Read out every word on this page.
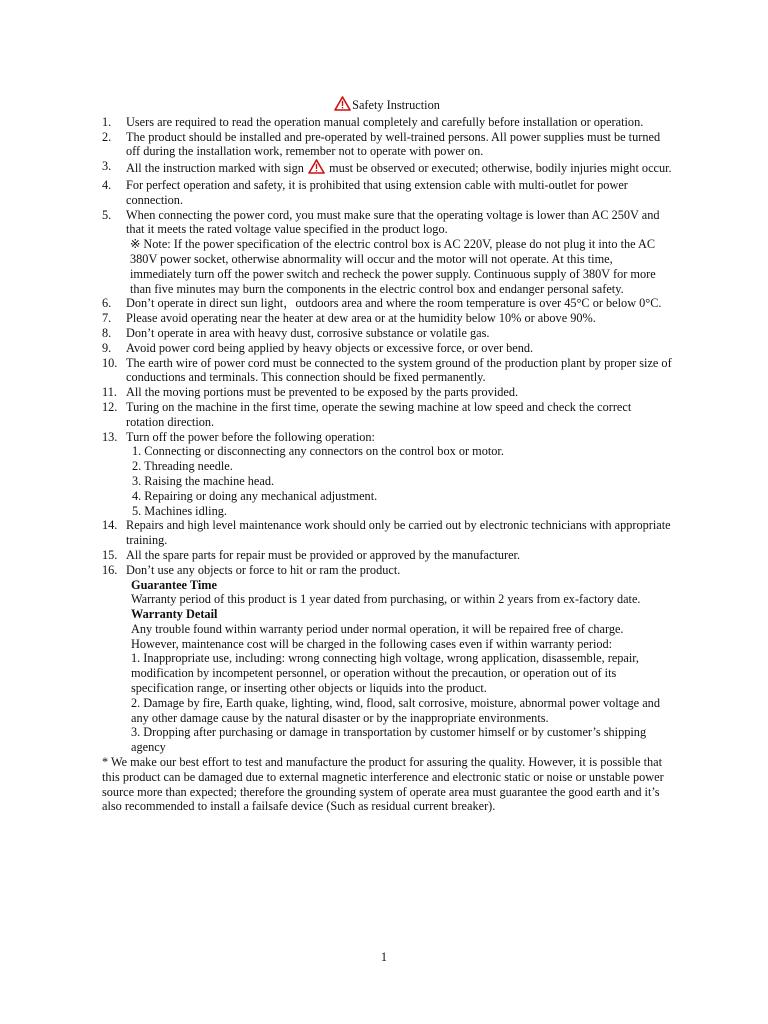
Safety Instruction
1. Users are required to read the operation manual completely and carefully before installation or operation.
2. The product should be installed and pre-operated by well-trained persons. All power supplies must be turned off during the installation work, remember not to operate with power on.
3. All the instruction marked with sign must be observed or executed; otherwise, bodily injuries might occur.
4. For perfect operation and safety, it is prohibited that using extension cable with multi-outlet for power connection.
5. When connecting the power cord, you must make sure that the operating voltage is lower than AC 250V and that it meets the rated voltage value specified in the product logo.
※ Note: If the power specification of the electric control box is AC 220V, please do not plug it into the AC 380V power socket, otherwise abnormality will occur and the motor will not operate. At this time, immediately turn off the power switch and recheck the power supply. Continuous supply of 380V for more than five minutes may burn the components in the electric control box and endanger personal safety.
6. Don’t operate in direct sun light，outdoors area and where the room temperature is over 45°C or below 0°C.
7. Please avoid operating near the heater at dew area or at the humidity below 10% or above 90%.
8. Don’t operate in area with heavy dust, corrosive substance or volatile gas.
9. Avoid power cord being applied by heavy objects or excessive force, or over bend.
10. The earth wire of power cord must be connected to the system ground of the production plant by proper size of conductions and terminals. This connection should be fixed permanently.
11. All the moving portions must be prevented to be exposed by the parts provided.
12. Turing on the machine in the first time, operate the sewing machine at low speed and check the correct rotation direction.
13. Turn off the power before the following operation:
1. Connecting or disconnecting any connectors on the control box or motor.
2. Threading needle.
3. Raising the machine head.
4. Repairing or doing any mechanical adjustment.
5. Machines idling.
14. Repairs and high level maintenance work should only be carried out by electronic technicians with appropriate training.
15. All the spare parts for repair must be provided or approved by the manufacturer.
16. Don’t use any objects or force to hit or ram the product.
Guarantee Time
Warranty period of this product is 1 year dated from purchasing, or within 2 years from ex-factory date.
Warranty Detail
Any trouble found within warranty period under normal operation, it will be repaired free of charge. However, maintenance cost will be charged in the following cases even if within warranty period:
1. Inappropriate use, including: wrong connecting high voltage, wrong application, disassemble, repair, modification by incompetent personnel, or operation without the precaution, or operation out of its specification range, or inserting other objects or liquids into the product.
2. Damage by fire, Earth quake, lighting, wind, flood, salt corrosive, moisture, abnormal power voltage and any other damage cause by the natural disaster or by the inappropriate environments.
3. Dropping after purchasing or damage in transportation by customer himself or by customer’s shipping agency
* We make our best effort to test and manufacture the product for assuring the quality. However, it is possible that this product can be damaged due to external magnetic interference and electronic static or noise or unstable power source more than expected; therefore the grounding system of operate area must guarantee the good earth and it’s also recommended to install a failsafe device (Such as residual current breaker).
1
